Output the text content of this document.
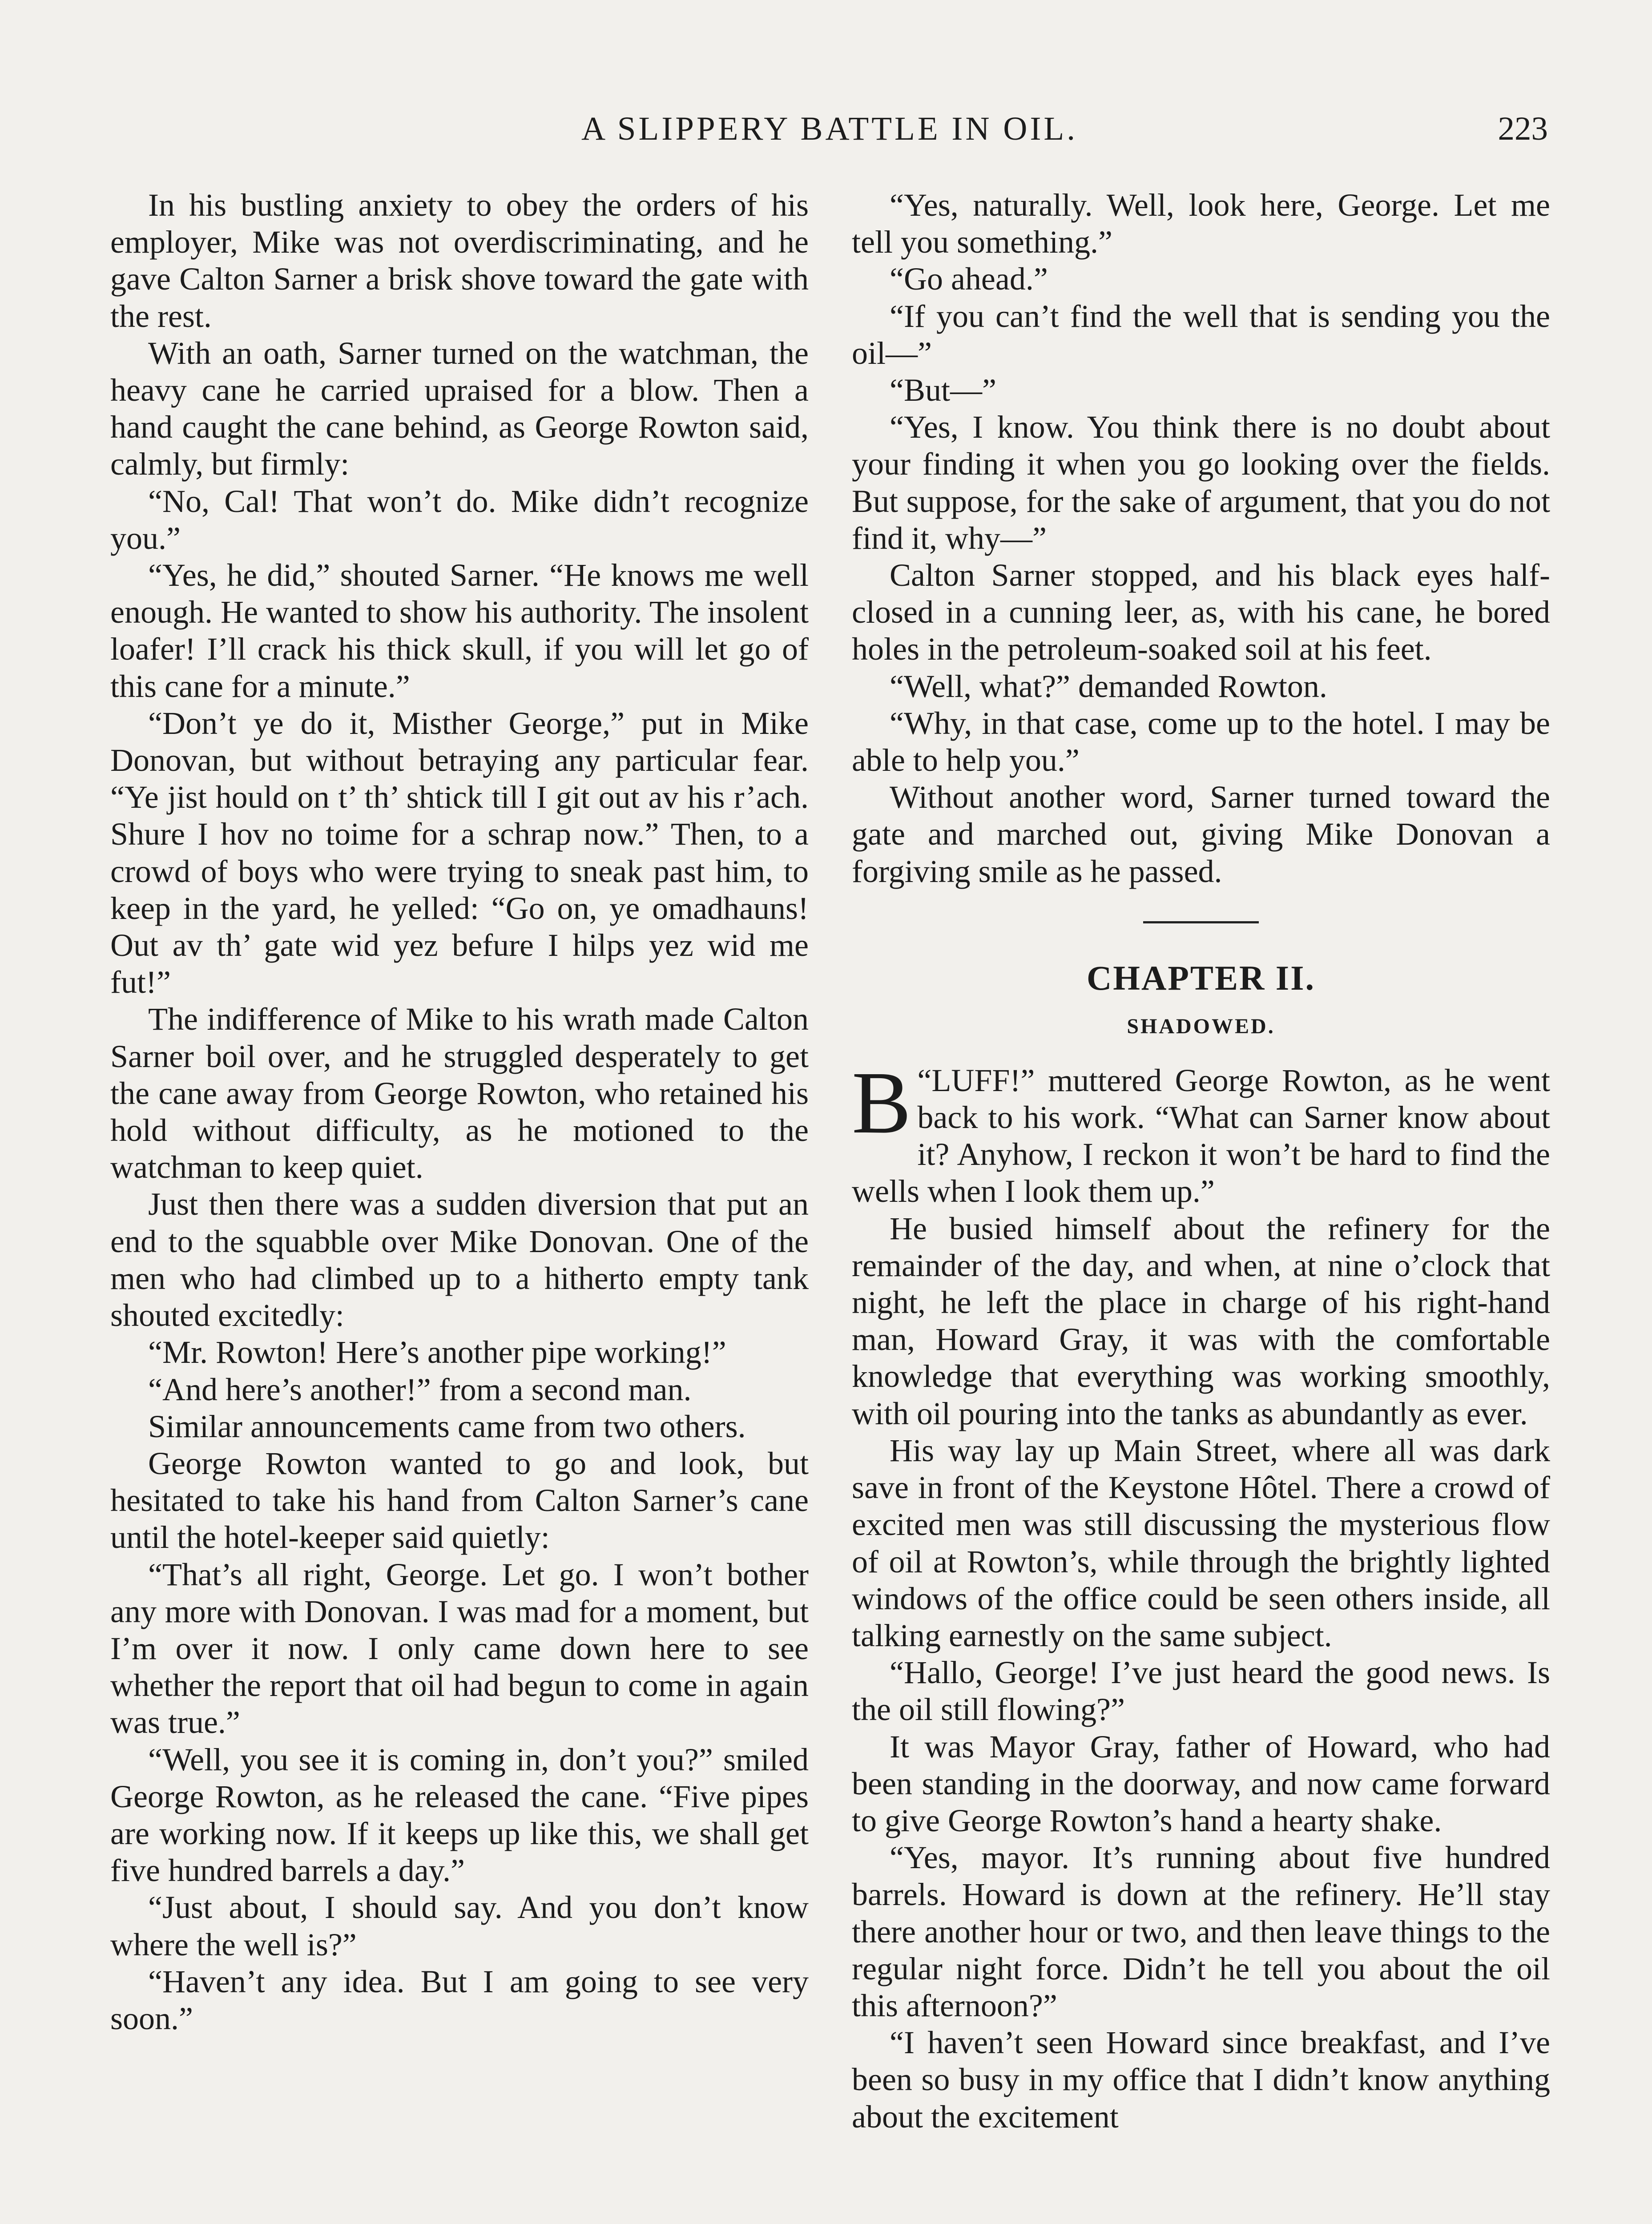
A SLIPPERY BATTLE IN OIL.	223

In his bustling anxiety to obey the orders of his employer, Mike was not overdiscriminating, and he gave Calton Sarner a brisk shove toward the gate with the rest.

With an oath, Sarner turned on the watchman, the heavy cane he carried upraised for a blow. Then a hand caught the cane behind, as George Rowton said, calmly, but firmly:

“No, Cal! That won’t do. Mike didn’t recognize you.”

“Yes, he did,” shouted Sarner. “He knows me well enough. He wanted to show his authority. The insolent loafer! I’ll crack his thick skull, if you will let go of this cane for a minute.”

“Don’t ye do it, Misther George,” put in Mike Donovan, but without betraying any particular fear. “Ye jist hould on t’ th’ shtick till I git out av his r’ach. Shure I hov no toime for a schrap now.” Then, to a crowd of boys who were trying to sneak past him, to keep in the yard, he yelled: “Go on, ye omadhauns! Out av th’ gate wid yez befure I hilps yez wid me fut!”

The indifference of Mike to his wrath made Calton Sarner boil over, and he struggled desperately to get the cane away from George Rowton, who retained his hold without difficulty, as he motioned to the watchman to keep quiet.

Just then there was a sudden diversion that put an end to the squabble over Mike Donovan. One of the men who had climbed up to a hitherto empty tank shouted excitedly:

“Mr. Rowton! Here’s another pipe working!”

“And here’s another!” from a second man.

Similar announcements came from two others.

George Rowton wanted to go and look, but hesitated to take his hand from Calton Sarner’s cane until the hotel-keeper said quietly:

“That’s all right, George. Let go. I won’t bother any more with Donovan. I was mad for a moment, but I’m over it now. I only came down here to see whether the report that oil had begun to come in again was true.”

“Well, you see it is coming in, don’t you?” smiled George Rowton, as he released the cane. “Five pipes are working now. If it keeps up like this, we shall get five hundred barrels a day.”

“Just about, I should say. And you don’t know where the well is?”

“Haven’t any idea. But I am going to see very soon.”

“Yes, naturally. Well, look here, George. Let me tell you something.”

“Go ahead.”

“If you can’t find the well that is sending you the oil—”

“But—”

“Yes, I know. You think there is no doubt about your finding it when you go looking over the fields. But suppose, for the sake of argument, that you do not find it, why—”

Calton Sarner stopped, and his black eyes half-closed in a cunning leer, as, with his cane, he bored holes in the petroleum-soaked soil at his feet.

“Well, what?” demanded Rowton.

“Why, in that case, come up to the hotel. I may be able to help you.”

Without another word, Sarner turned toward the gate and marched out, giving Mike Donovan a forgiving smile as he passed.

CHAPTER II.
SHADOWED.

“
B LUFF!” muttered George Rowton, as he went back to his work. “What can Sarner know about it? Anyhow, I reckon it won’t be hard to find the wells when I look them up.”

He busied himself about the refinery for the remainder of the day, and when, at nine o’clock that night, he left the place in charge of his right-hand man, Howard Gray, it was with the comfortable knowledge that everything was working smoothly, with oil pouring into the tanks as abundantly as ever.

His way lay up Main Street, where all was dark save in front of the Keystone Hôtel. There a crowd of excited men was still discussing the mysterious flow of oil at Rowton’s, while through the brightly lighted windows of the office could be seen others inside, all talking earnestly on the same subject.

“Hallo, George! I’ve just heard the good news. Is the oil still flowing?”

It was Mayor Gray, father of Howard, who had been standing in the doorway, and now came forward to give George Rowton’s hand a hearty shake.

“Yes, mayor. It’s running about five hundred barrels. Howard is down at the refinery. He’ll stay there another hour or two, and then leave things to the regular night force. Didn’t he tell you about the oil this afternoon?”

“I haven’t seen Howard since breakfast, and I’ve been so busy in my office that I didn’t know anything about the excitement
